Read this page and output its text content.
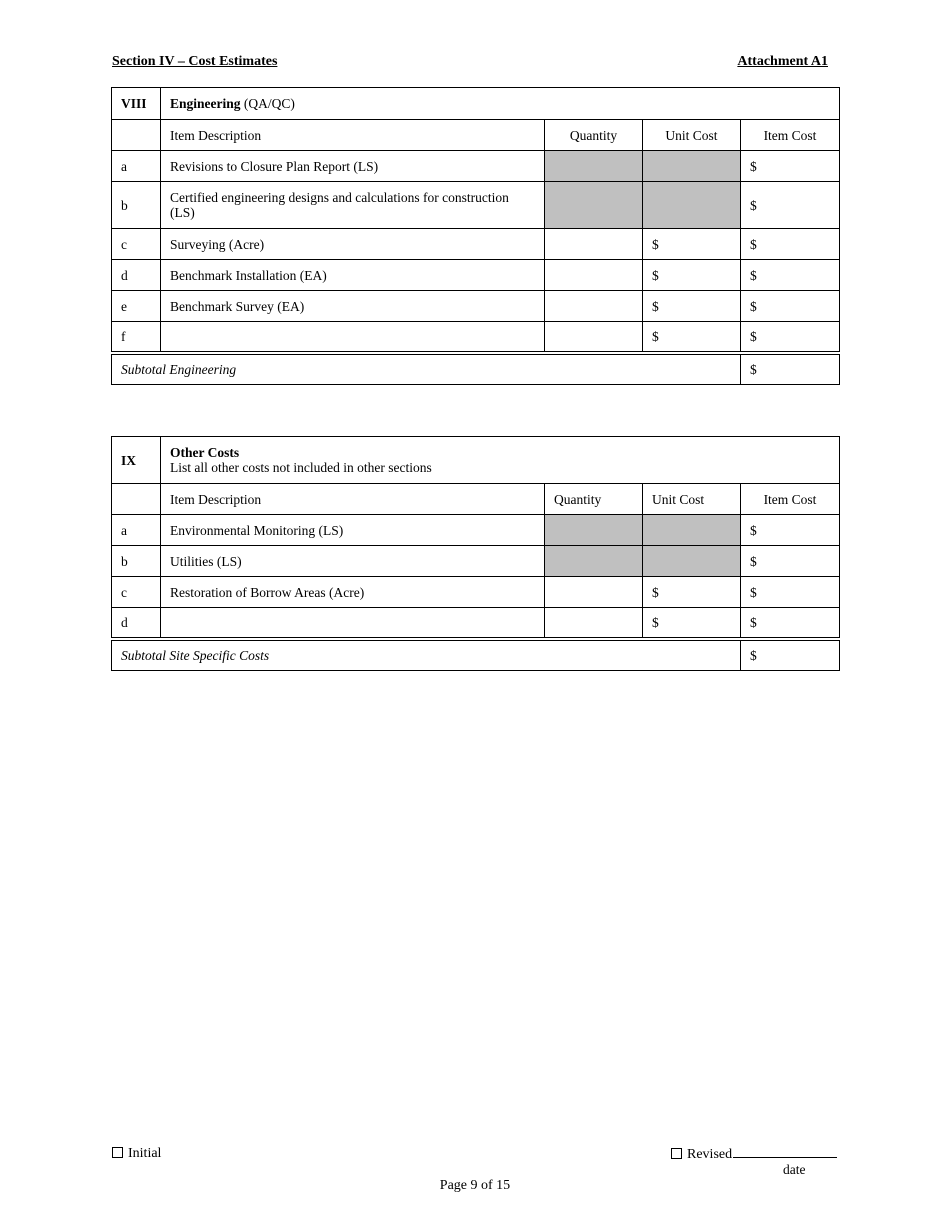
Section IV – Cost Estimates	Attachment A1
VIII	Engineering (QA/QC)			
	Item Description	Quantity	Unit Cost	Item Cost
a	Revisions to Closure Plan Report (LS)			$
b	Certified engineering designs and calculations for construction (LS)			$
c	Surveying (Acre)		$	$
d	Benchmark Installation (EA)		$	$
e	Benchmark Survey (EA)		$	$
f			$	$
Subtotal Engineering				$
IX	Other Costs
List all other costs not included in other sections			
	Item Description	Quantity	Unit Cost	Item Cost
a	Environmental Monitoring (LS)			$
b	Utilities (LS)			$
c	Restoration of Borrow Areas (Acre)		$	$
d			$	$
Subtotal Site Specific Costs				$
Initial	Revised
date
Page 9 of 15
